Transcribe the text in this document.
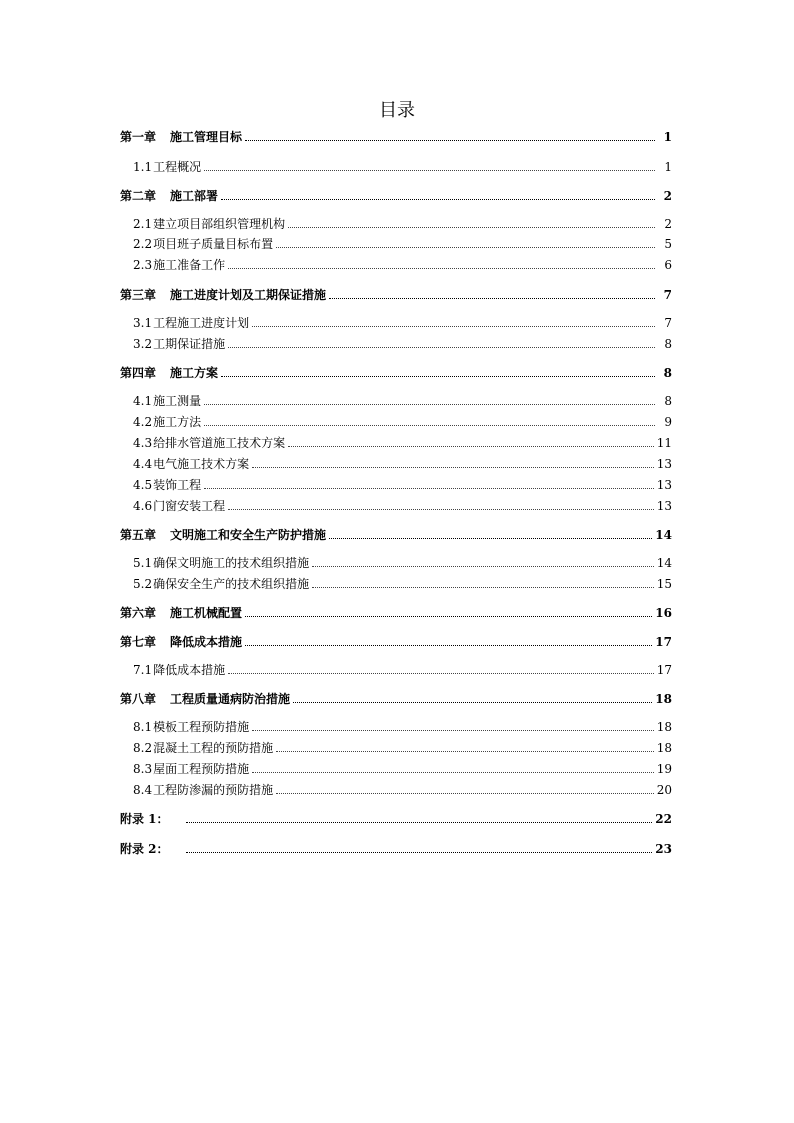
目录
第一章 施工管理目标	1
1.1 工程概况	1
第二章 施工部署	2
2.1 建立项目部组织管理机构	2
2.2 项目班子质量目标布置	5
2.3 施工准备工作	6
第三章 施工进度计划及工期保证措施	7
3.1 工程施工进度计划	7
3.2 工期保证措施	8
第四章 施工方案	8
4.1 施工测量	8
4.2 施工方法	9
4.3 给排水管道施工技术方案	11
4.4 电气施工技术方案	13
4.5 装饰工程	13
4.6 门窗安装工程	13
第五章 文明施工和安全生产防护措施	14
5.1 确保文明施工的技术组织措施	14
5.2 确保安全生产的技术组织措施	15
第六章 施工机械配置	16
第七章 降低成本措施	17
7.1 降低成本措施	17
第八章 工程质量通病防治措施	18
8.1 模板工程预防措施	18
8.2 混凝土工程的预防措施	18
8.3 屋面工程预防措施	19
8.4 工程防渗漏的预防措施	20
附录 1：	22
附录 2：	23
